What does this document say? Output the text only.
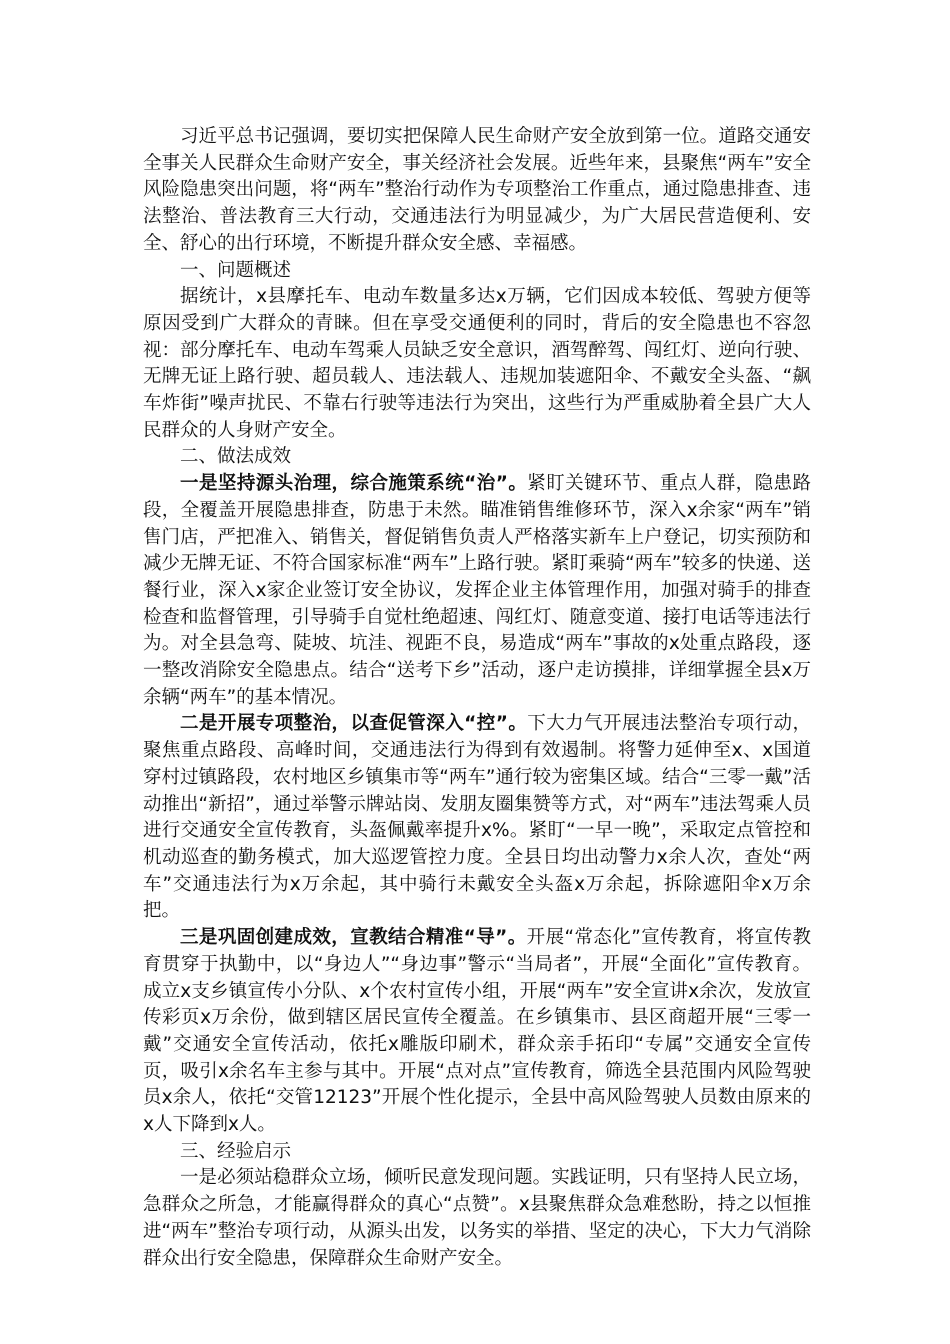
习近平总书记强调，要切实把保障人民生命财产安全放到第一位。道路交通安全事关人民群众生命财产安全，事关经济社会发展。近些年来，县聚焦“两车”安全风险隐患突出问题，将“两车”整治行动作为专项整治工作重点，通过隐患排查、违法整治、普法教育三大行动，交通违法行为明显减少，为广大居民营造便利、安全、舒心的出行环境，不断提升群众安全感、幸福感。

一、问题概述

据统计，x县摩托车、电动车数量多达x万辆，它们因成本较低、驾驶方便等原因受到广大群众的青睐。但在享受交通便利的同时，背后的安全隐患也不容忽视：部分摩托车、电动车驾乘人员缺乏安全意识，酒驾醉驾、闯红灯、逆向行驶、无牌无证上路行驶、超员载人、违法载人、违规加装遮阳伞、不戴安全头盔、“飙车炸街”噪声扰民、不靠右行驶等违法行为突出，这些行为严重威胁着全县广大人民群众的人身财产安全。

二、做法成效

一是坚持源头治理，综合施策系统“治”。紧盯关键环节、重点人群，隐患路段，全覆盖开展隐患排查，防患于未然。瞄准销售维修环节，深入x余家“两车”销售门店，严把准入、销售关，督促销售负责人严格落实新车上户登记，切实预防和减少无牌无证、不符合国家标准“两车”上路行驶。紧盯乘骑“两车”较多的快递、送餐行业，深入x家企业签订安全协议，发挥企业主体管理作用，加强对骑手的排查检查和监督管理，引导骑手自觉杜绝超速、闯红灯、随意变道、接打电话等违法行为。对全县急弯、陡坡、坑洼、视距不良，易造成“两车”事故的x处重点路段，逐一整改消除安全隐患点。结合“送考下乡”活动，逐户走访摸排，详细掌握全县x万余辆“两车”的基本情况。

二是开展专项整治，以查促管深入“控”。下大力气开展违法整治专项行动，聚焦重点路段、高峰时间，交通违法行为得到有效遏制。将警力延伸至x、x国道穿村过镇路段，农村地区乡镇集市等“两车”通行较为密集区域。结合“三零一戴”活动推出“新招”，通过举警示牌站岗、发朋友圈集赞等方式，对“两车”违法驾乘人员进行交通安全宣传教育，头盔佩戴率提升x%。紧盯“一早一晚”，采取定点管控和机动巡查的勤务模式，加大巡逻管控力度。全县日均出动警力x余人次，查处“两车”交通违法行为x万余起，其中骑行未戴安全头盔x万余起，拆除遮阳伞x万余把。

三是巩固创建成效，宣教结合精准“导”。开展“常态化”宣传教育，将宣传教育贯穿于执勤中，以“身边人”“身边事”警示“当局者”，开展“全面化”宣传教育。成立x支乡镇宣传小分队、x个农村宣传小组，开展“两车”安全宣讲x余次，发放宣传彩页x万余份，做到辖区居民宣传全覆盖。在乡镇集市、县区商超开展“三零一戴”交通安全宣传活动，依托x雕版印刷术，群众亲手拓印“专属”交通安全宣传页，吸引x余名车主参与其中。开展“点对点”宣传教育，筛选全县范围内风险驾驶员x余人，依托“交管12123”开展个性化提示，全县中高风险驾驶人员数由原来的x人下降到x人。

三、经验启示

一是必须站稳群众立场，倾听民意发现问题。实践证明，只有坚持人民立场，急群众之所急，才能赢得群众的真心“点赞”。x县聚焦群众急难愁盼，持之以恒推进“两车”整治专项行动，从源头出发，以务实的举措、坚定的决心，下大力气消除群众出行安全隐患，保障群众生命财产安全。
